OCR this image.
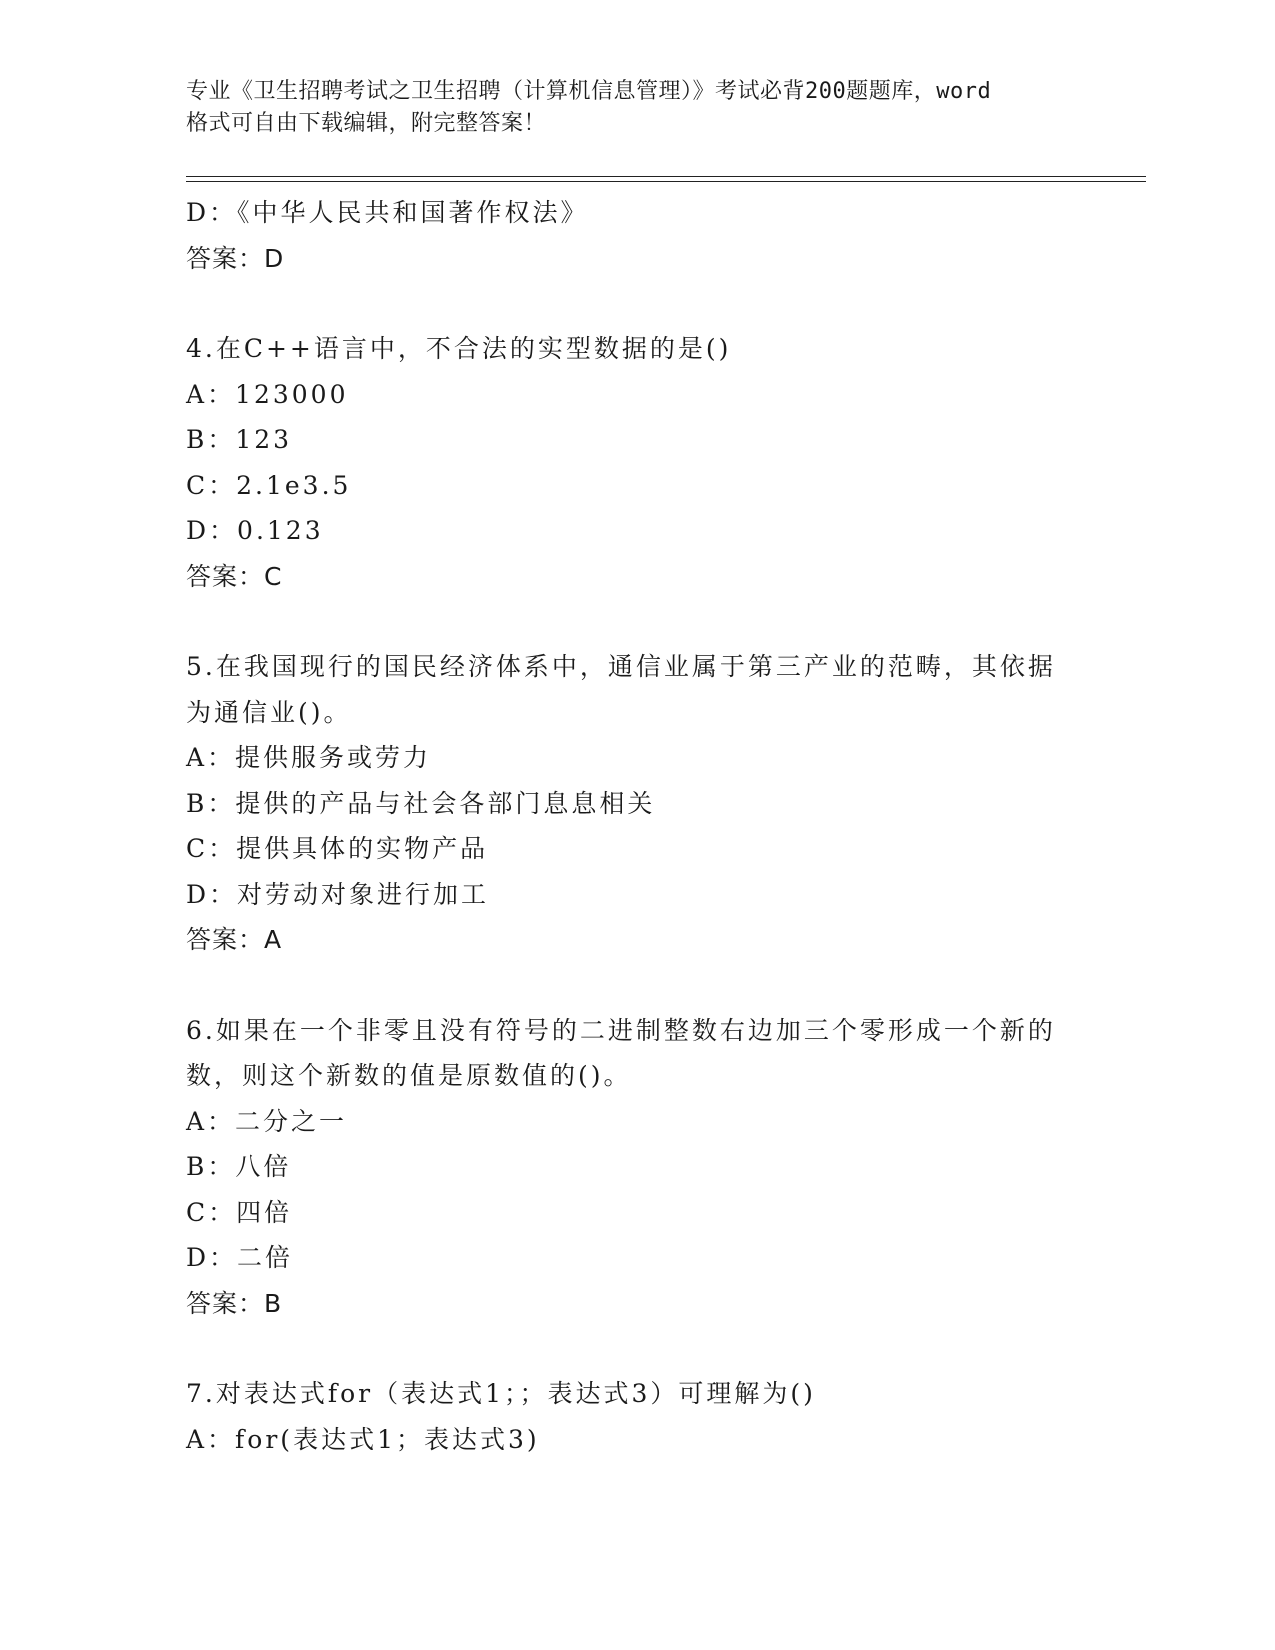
专业《卫生招聘考试之卫生招聘（计算机信息管理）》考试必背200题题库，word
格式可自由下载编辑，附完整答案！
D：《中华人民共和国著作权法》
答案：D
4.在C++语言中，不合法的实型数据的是()
A：123000
B：123
C：2.1e3.5
D：0.123
答案：C
5.在我国现行的国民经济体系中，通信业属于第三产业的范畴，其依据为通信业()。
A：提供服务或劳力
B：提供的产品与社会各部门息息相关
C：提供具体的实物产品
D：对劳动对象进行加工
答案：A
6.如果在一个非零且没有符号的二进制整数右边加三个零形成一个新的数，则这个新数的值是原数值的()。
A：二分之一
B：八倍
C：四倍
D：二倍
答案：B
7.对表达式for（表达式1；；表达式3）可理解为()
A：for(表达式1；表达式3)
